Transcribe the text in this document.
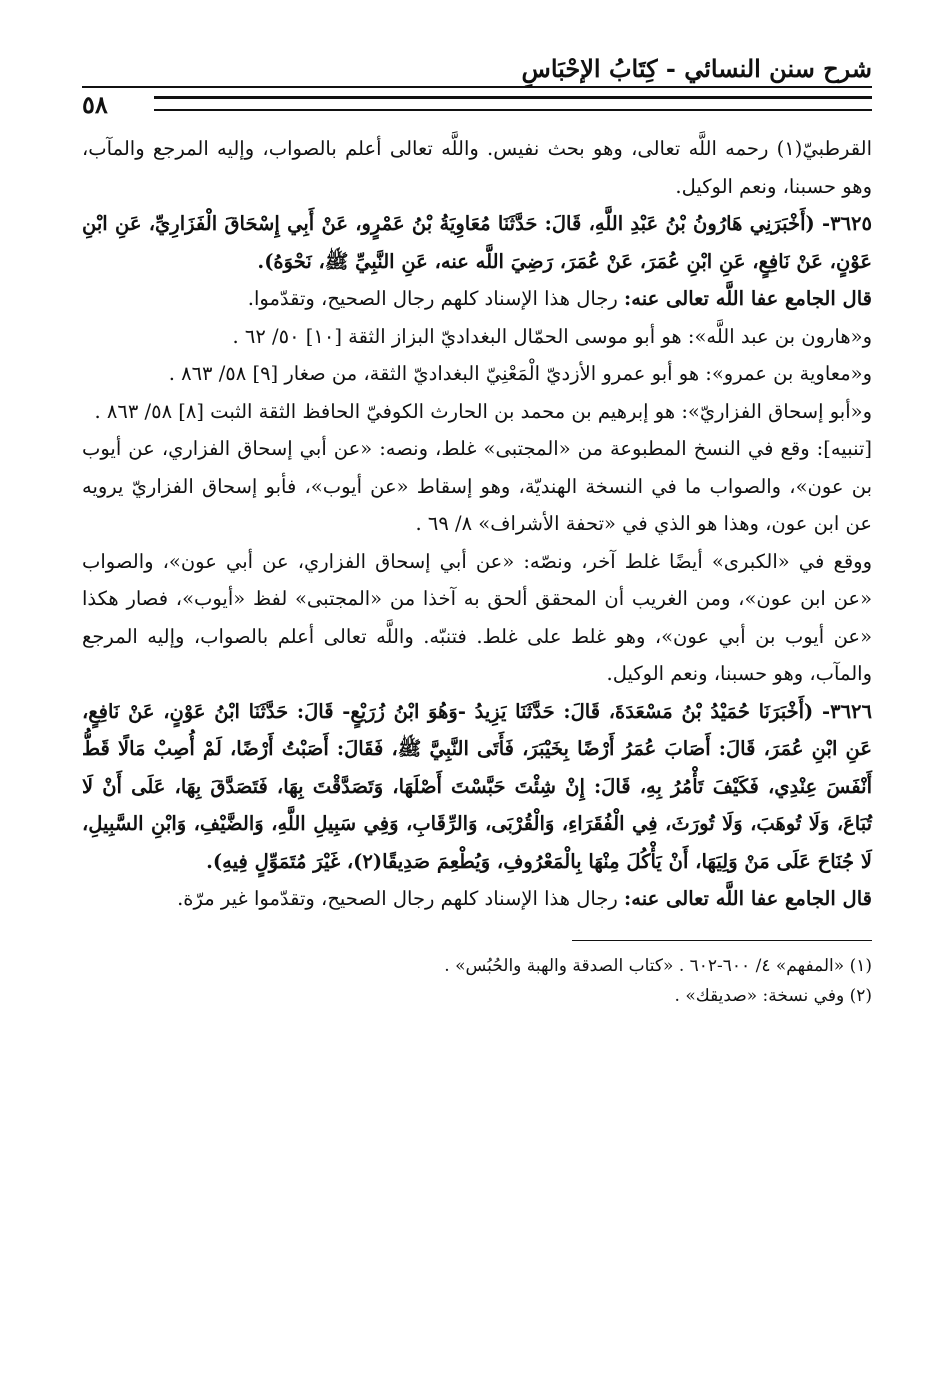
شرح سنن النسائي - كِتَابُ الإحْبَاسِ
٥٨

القرطبيّ(١) رحمه اللَّه تعالى، وهو بحث نفيس. واللَّه تعالى أعلم بالصواب، وإليه المرجع والمآب، وهو حسبنا، ونعم الوكيل.

٣٦٢٥- (أَخْبَرَنِي هَارُونُ بْنُ عَبْدِ اللَّهِ، قَالَ: حَدَّثَنَا مُعَاوِيَةُ بْنُ عَمْرٍو، عَنْ أَبِي إِسْحَاقَ الْفَزَارِيِّ، عَنِ ابْنِ عَوْنٍ، عَنْ نَافِعٍ، عَنِ ابْنِ عُمَرَ، عَنْ عُمَرَ، رَضِيَ اللَّه عنه، عَنِ النَّبِيِّ ﷺ، نَحْوَهُ).

قال الجامع عفا اللَّه تعالى عنه: رجال هذا الإسناد كلهم رجال الصحيح، وتقدّموا.

و«هارون بن عبد اللَّه»: هو أبو موسى الحمّال البغداديّ البزاز الثقة [١٠] ٥٠/ ٦٢ .

و«معاوية بن عمرو»: هو أبو عمرو الأزديّ الْمَعْنِيّ البغداديّ الثقة، من صغار [٩] ٥٨/ ٨٦٣ .

و«أبو إسحاق الفزاريّ»: هو إبرهيم بن محمد بن الحارث الكوفيّ الحافظ الثقة الثبت [٨] ٥٨/ ٨٦٣ .

[تنبيه]: وقع في النسخ المطبوعة من «المجتبى» غلط، ونصه: «عن أبي إسحاق الفزاري، عن أيوب بن عون»، والصواب ما في النسخة الهنديّة، وهو إسقاط «عن أيوب»، فأبو إسحاق الفزاريّ يرويه عن ابن عون، وهذا هو الذي في «تحفة الأشراف» ٨/ ٦٩ .

ووقع في «الكبرى» أيضًا غلط آخر، ونصّه: «عن أبي إسحاق الفزاري، عن أبي عون»، والصواب «عن ابن عون»، ومن الغريب أن المحقق ألحق به آخذا من «المجتبى» لفظ «أيوب»، فصار هكذا «عن أيوب بن أبي عون»، وهو غلط على غلط. فتنبّه. واللَّه تعالى أعلم بالصواب، وإليه المرجع والمآب، وهو حسبنا، ونعم الوكيل.

٣٦٢٦- (أَخْبَرَنَا حُمَيْدُ بْنُ مَسْعَدَةَ، قَالَ: حَدَّثَنَا يَزِيدُ -وَهُوَ ابْنُ زُرَيْعٍ- قَالَ: حَدَّثَنَا ابْنُ عَوْنٍ، عَنْ نَافِعٍ، عَنِ ابْنِ عُمَرَ، قَالَ: أَصَابَ عُمَرُ أَرْضًا بِخَيْبَرَ، فَأَتَى النَّبِيَّ ﷺ، فَقَالَ: أَصَبْتُ أَرْضًا، لَمْ أُصِبْ مَالًا قَطُّ أَنْفَسَ عِنْدِي، فَكَيْفَ تَأْمُرُ بِهِ، قَالَ: إِنْ شِئْتَ حَبَّسْتَ أَصْلَهَا، وَتَصَدَّقْتَ بِهَا، فَتَصَدَّقَ بِهَا، عَلَى أَنْ لَا تُبَاعَ، وَلَا تُوهَبَ، وَلَا تُورَثَ، فِي الْفُقَرَاءِ، وَالْقُرْبَى، وَالرِّقَابِ، وَفِي سَبِيلِ اللَّهِ، وَالضَّيْفِ، وَابْنِ السَّبِيلِ، لَا جُنَاحَ عَلَى مَنْ وَلِيَهَا، أَنْ يَأْكُلَ مِنْهَا بِالْمَعْرُوفِ، وَيُطْعِمَ صَدِيقًا(٢)، غَيْرَ مُتَمَوِّلٍ فِيهِ).

قال الجامع عفا اللَّه تعالى عنه: رجال هذا الإسناد كلهم رجال الصحيح، وتقدّموا غير مرّة.

(١) «المفهم» ٤/ ٦٠٠-٦٠٢ . «كتاب الصدقة والهبة والحُبُس» .
(٢) وفي نسخة: «صديقك» .
